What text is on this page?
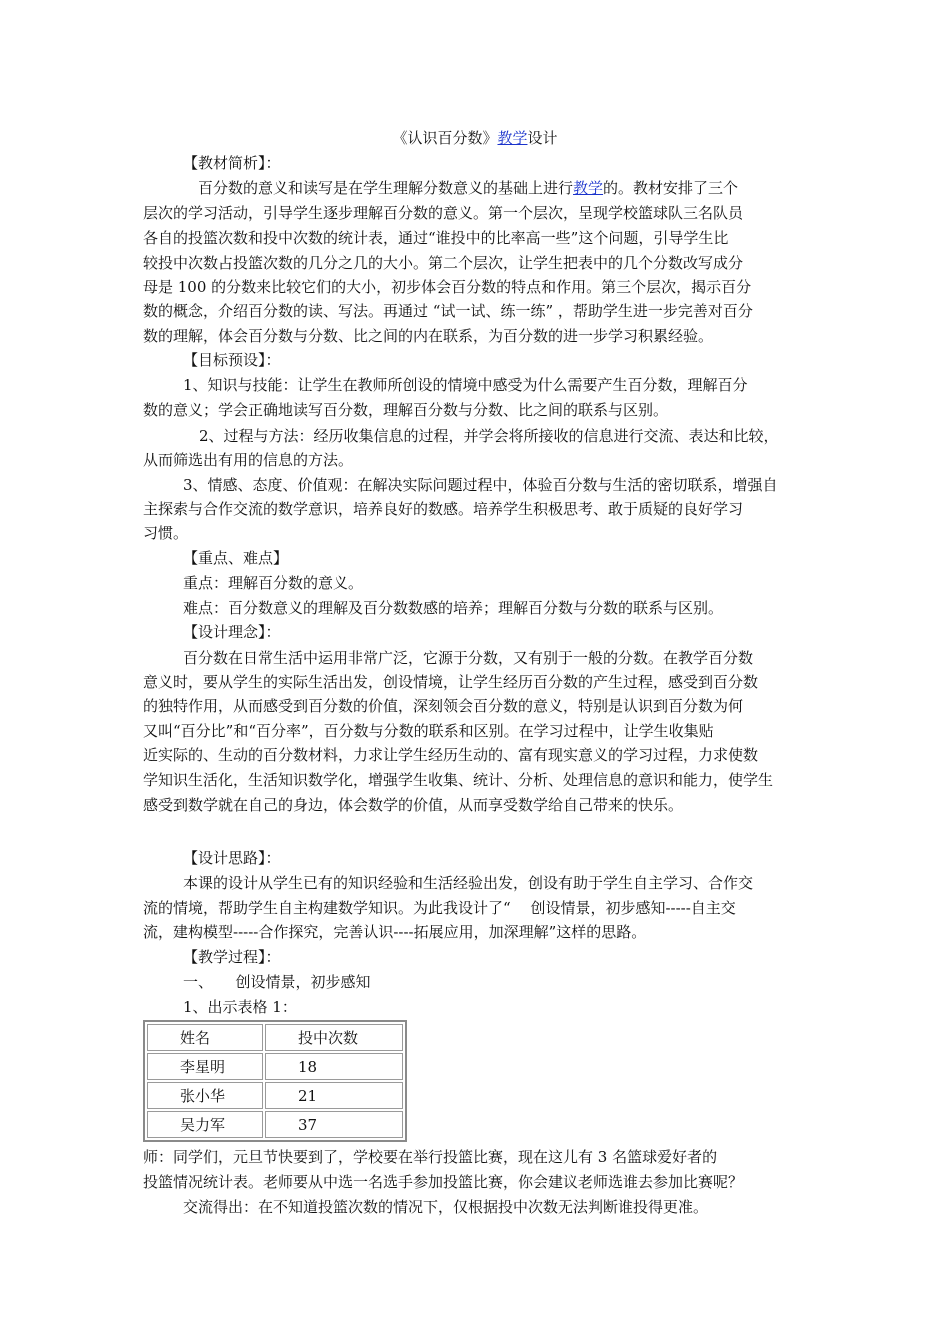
《认识百分数》教学设计
【教材简析】：
百分数的意义和读写是在学生理解分数意义的基础上进行教学的。教材安排了三个
层次的学习活动，引导学生逐步理解百分数的意义。第一个层次，呈现学校篮球队三名队员
各自的投篮次数和投中次数的统计表，通过“谁投中的比率高一些”这个问题，引导学生比
较投中次数占投篮次数的几分之几的大小。第二个层次，让学生把表中的几个分数改写成分
母是 100 的分数来比较它们的大小，初步体会百分数的特点和作用。第三个层次，揭示百分
数的概念，介绍百分数的读、写法。再通过 “试一试、练一练” ，帮助学生进一步完善对百分
数的理解，体会百分数与分数、比之间的内在联系，为百分数的进一步学习积累经验。
【目标预设】：
1、知识与技能：让学生在教师所创设的情境中感受为什么需要产生百分数，理解百分
数的意义；学会正确地读写百分数，理解百分数与分数、比之间的联系与区别。
2、过程与方法：经历收集信息的过程，并学会将所接收的信息进行交流、表达和比较，
从而筛选出有用的信息的方法。
3、情感、态度、价值观：在解决实际问题过程中，体验百分数与生活的密切联系，增强自
主探索与合作交流的数学意识，培养良好的数感。培养学生积极思考、敢于质疑的良好学习
习惯。
【重点、难点】
重点：理解百分数的意义。
难点：百分数意义的理解及百分数数感的培养；理解百分数与分数的联系与区别。
【设计理念】：
百分数在日常生活中运用非常广泛，它源于分数，又有别于一般的分数。在教学百分数
意义时，要从学生的实际生活出发，创设情境，让学生经历百分数的产生过程，感受到百分数
的独特作用，从而感受到百分数的价值，深刻领会百分数的意义，特别是认识到百分数为何
又叫“百分比”和“百分率”，百分数与分数的联系和区别。在学习过程中，让学生收集贴
近实际的、生动的百分数材料，力求让学生经历生动的、富有现实意义的学习过程，力求使数
学知识生活化，生活知识数学化，增强学生收集、统计、分析、处理信息的意识和能力，使学生
感受到数学就在自己的身边，体会数学的价值，从而享受数学给自己带来的快乐。
【设计思路】：
本课的设计从学生已有的知识经验和生活经验出发，创设有助于学生自主学习、合作交
流的情境，帮助学生自主构建数学知识。为此我设计了“　 创设情景，初步感知-----自主交
流，建构模型-----合作探究，完善认识----拓展应用，加深理解”这样的思路。
【教学过程】：
一、　　创设情景，初步感知
1、出示表格 1：
姓名	投中次数
李星明	18
张小华	21
吴力军	37
师：同学们，元旦节快要到了，学校要在举行投篮比赛，现在这儿有 3 名篮球爱好者的
投篮情况统计表。老师要从中选一名选手参加投篮比赛，你会建议老师选谁去参加比赛呢？
交流得出：在不知道投篮次数的情况下，仅根据投中次数无法判断谁投得更准。
